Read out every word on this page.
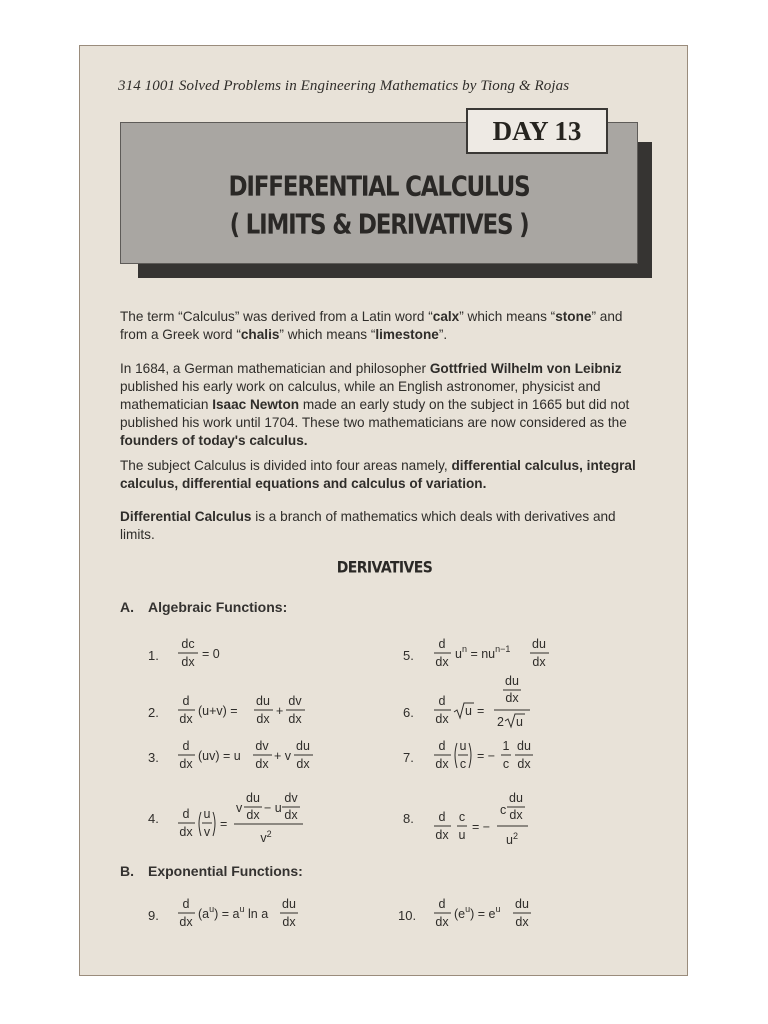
314 1001 Solved Problems in Engineering Mathematics by Tiong & Rojas
DAY 13
DIFFERENTIAL CALCULUS
( LIMITS & DERIVATIVES )
The term “Calculus” was derived from a Latin word “calx” which means “stone” and from a Greek word “chalis” which means “limestone”.
In 1684, a German mathematician and philosopher Gottfried Wilhelm von Leibniz published his early work on calculus, while an English astronomer, physicist and mathematician Isaac Newton made an early study on the subject in 1665 but did not published his work until 1704. These two mathematicians are now considered as the founders of today's calculus.
The subject Calculus is divided into four areas namely, differential calculus, integral calculus, differential equations and calculus of variation.
Differential Calculus is a branch of mathematics which deals with derivatives and limits.
DERIVATIVES
A. Algebraic Functions:
1.
2.
3.
4.
5.
6.
7.
8.
9.	10.
dc
dx
= 0
d
dx
(u+v) =
du
dx
+
dv
dx
d
dx
(uv) = u
dv
dx
+ v
du
dx
d
dx
u
v
=
v
du
dx − u
dv
dx
$v^2$
d
dx
$u^n = nu^{n-1}$ du
dx
d
dx
u =
du
dx
2 u
d
dx
u
c
= −
1
c
du
dx
d
dx
c
u
= −
c
du
dx
$u^2$
B. Exponential Functions:
d
dx
$(a^u) = a^u$ ln a
du
dx
d
dx
$(e^u) = e^u$ du
dx
